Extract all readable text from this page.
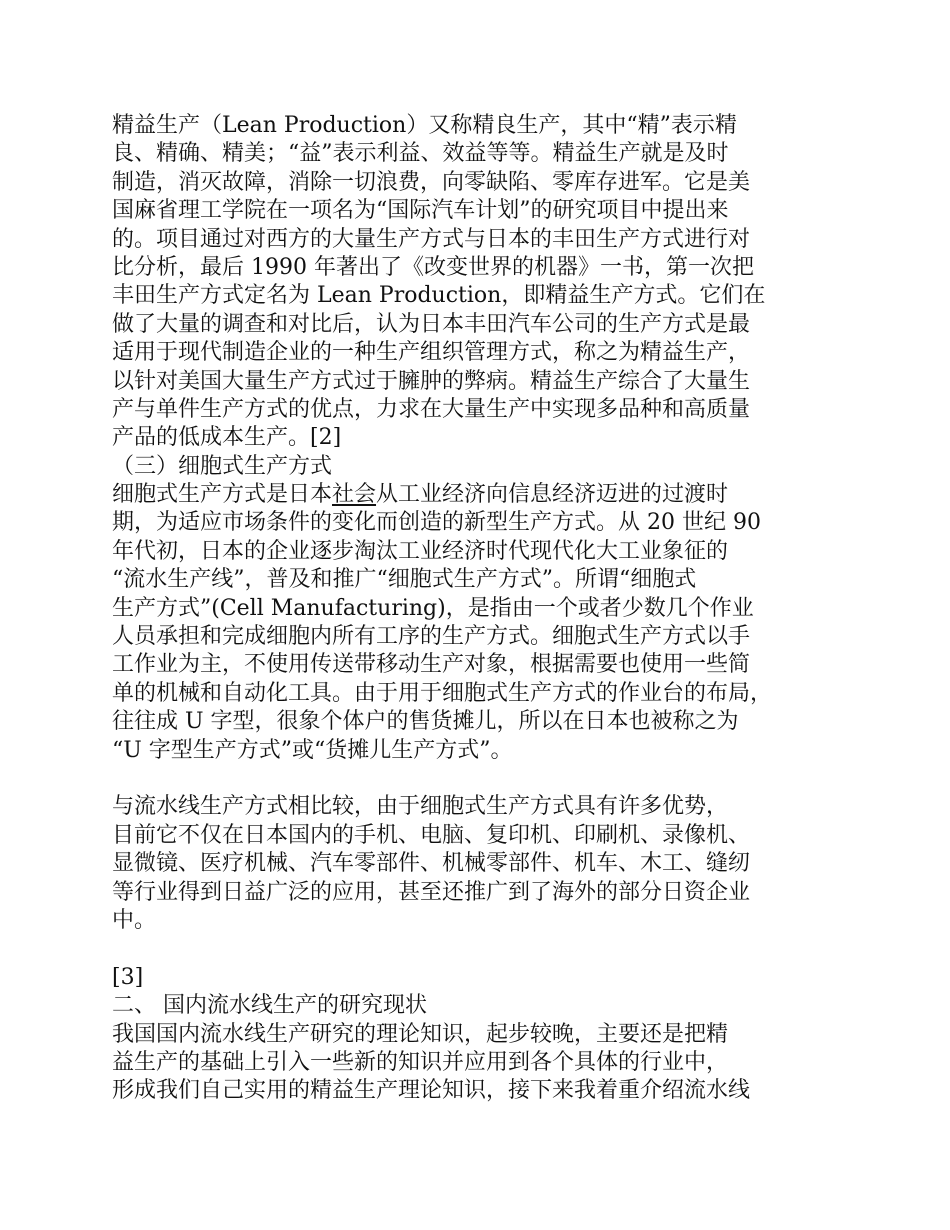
精益生产（Lean Production）又称精良生产，其中“精”表示精
良、精确、精美；“益”表示利益、效益等等。精益生产就是及时
制造，消灭故障，消除一切浪费，向零缺陷、零库存进军。它是美
国麻省理工学院在一项名为“国际汽车计划”的研究项目中提出来
的。项目通过对西方的大量生产方式与日本的丰田生产方式进行对
比分析，最后 1990 年著出了《改变世界的机器》一书，第一次把
丰田生产方式定名为 Lean Production，即精益生产方式。它们在
做了大量的调查和对比后，认为日本丰田汽车公司的生产方式是最
适用于现代制造企业的一种生产组织管理方式，称之为精益生产，
以针对美国大量生产方式过于臃肿的弊病。精益生产综合了大量生
产与单件生产方式的优点，力求在大量生产中实现多品种和高质量
产品的低成本生产。[2]
（三）细胞式生产方式
细胞式生产方式是日本社会从工业经济向信息经济迈进的过渡时
期，为适应市场条件的变化而创造的新型生产方式。从 20 世纪 90
年代初，日本的企业逐步淘汰工业经济时代现代化大工业象征的
“流水生产线”，普及和推广“细胞式生产方式”。所谓“细胞式
生产方式”(Cell Manufacturing)，是指由一个或者少数几个作业
人员承担和完成细胞内所有工序的生产方式。细胞式生产方式以手
工作业为主，不使用传送带移动生产对象，根据需要也使用一些简
单的机械和自动化工具。由于用于细胞式生产方式的作业台的布局，
往往成 U 字型，很象个体户的售货摊儿，所以在日本也被称之为
“U 字型生产方式”或“货摊儿生产方式”。
与流水线生产方式相比较，由于细胞式生产方式具有许多优势，
目前它不仅在日本国内的手机、电脑、复印机、印刷机、录像机、
显微镜、医疗机械、汽车零部件、机械零部件、机车、木工、缝纫
等行业得到日益广泛的应用，甚至还推广到了海外的部分日资企业
中。
[3]
二、 国内流水线生产的研究现状
我国国内流水线生产研究的理论知识，起步较晚，主要还是把精
益生产的基础上引入一些新的知识并应用到各个具体的行业中，
形成我们自己实用的精益生产理论知识，接下来我着重介绍流水线
